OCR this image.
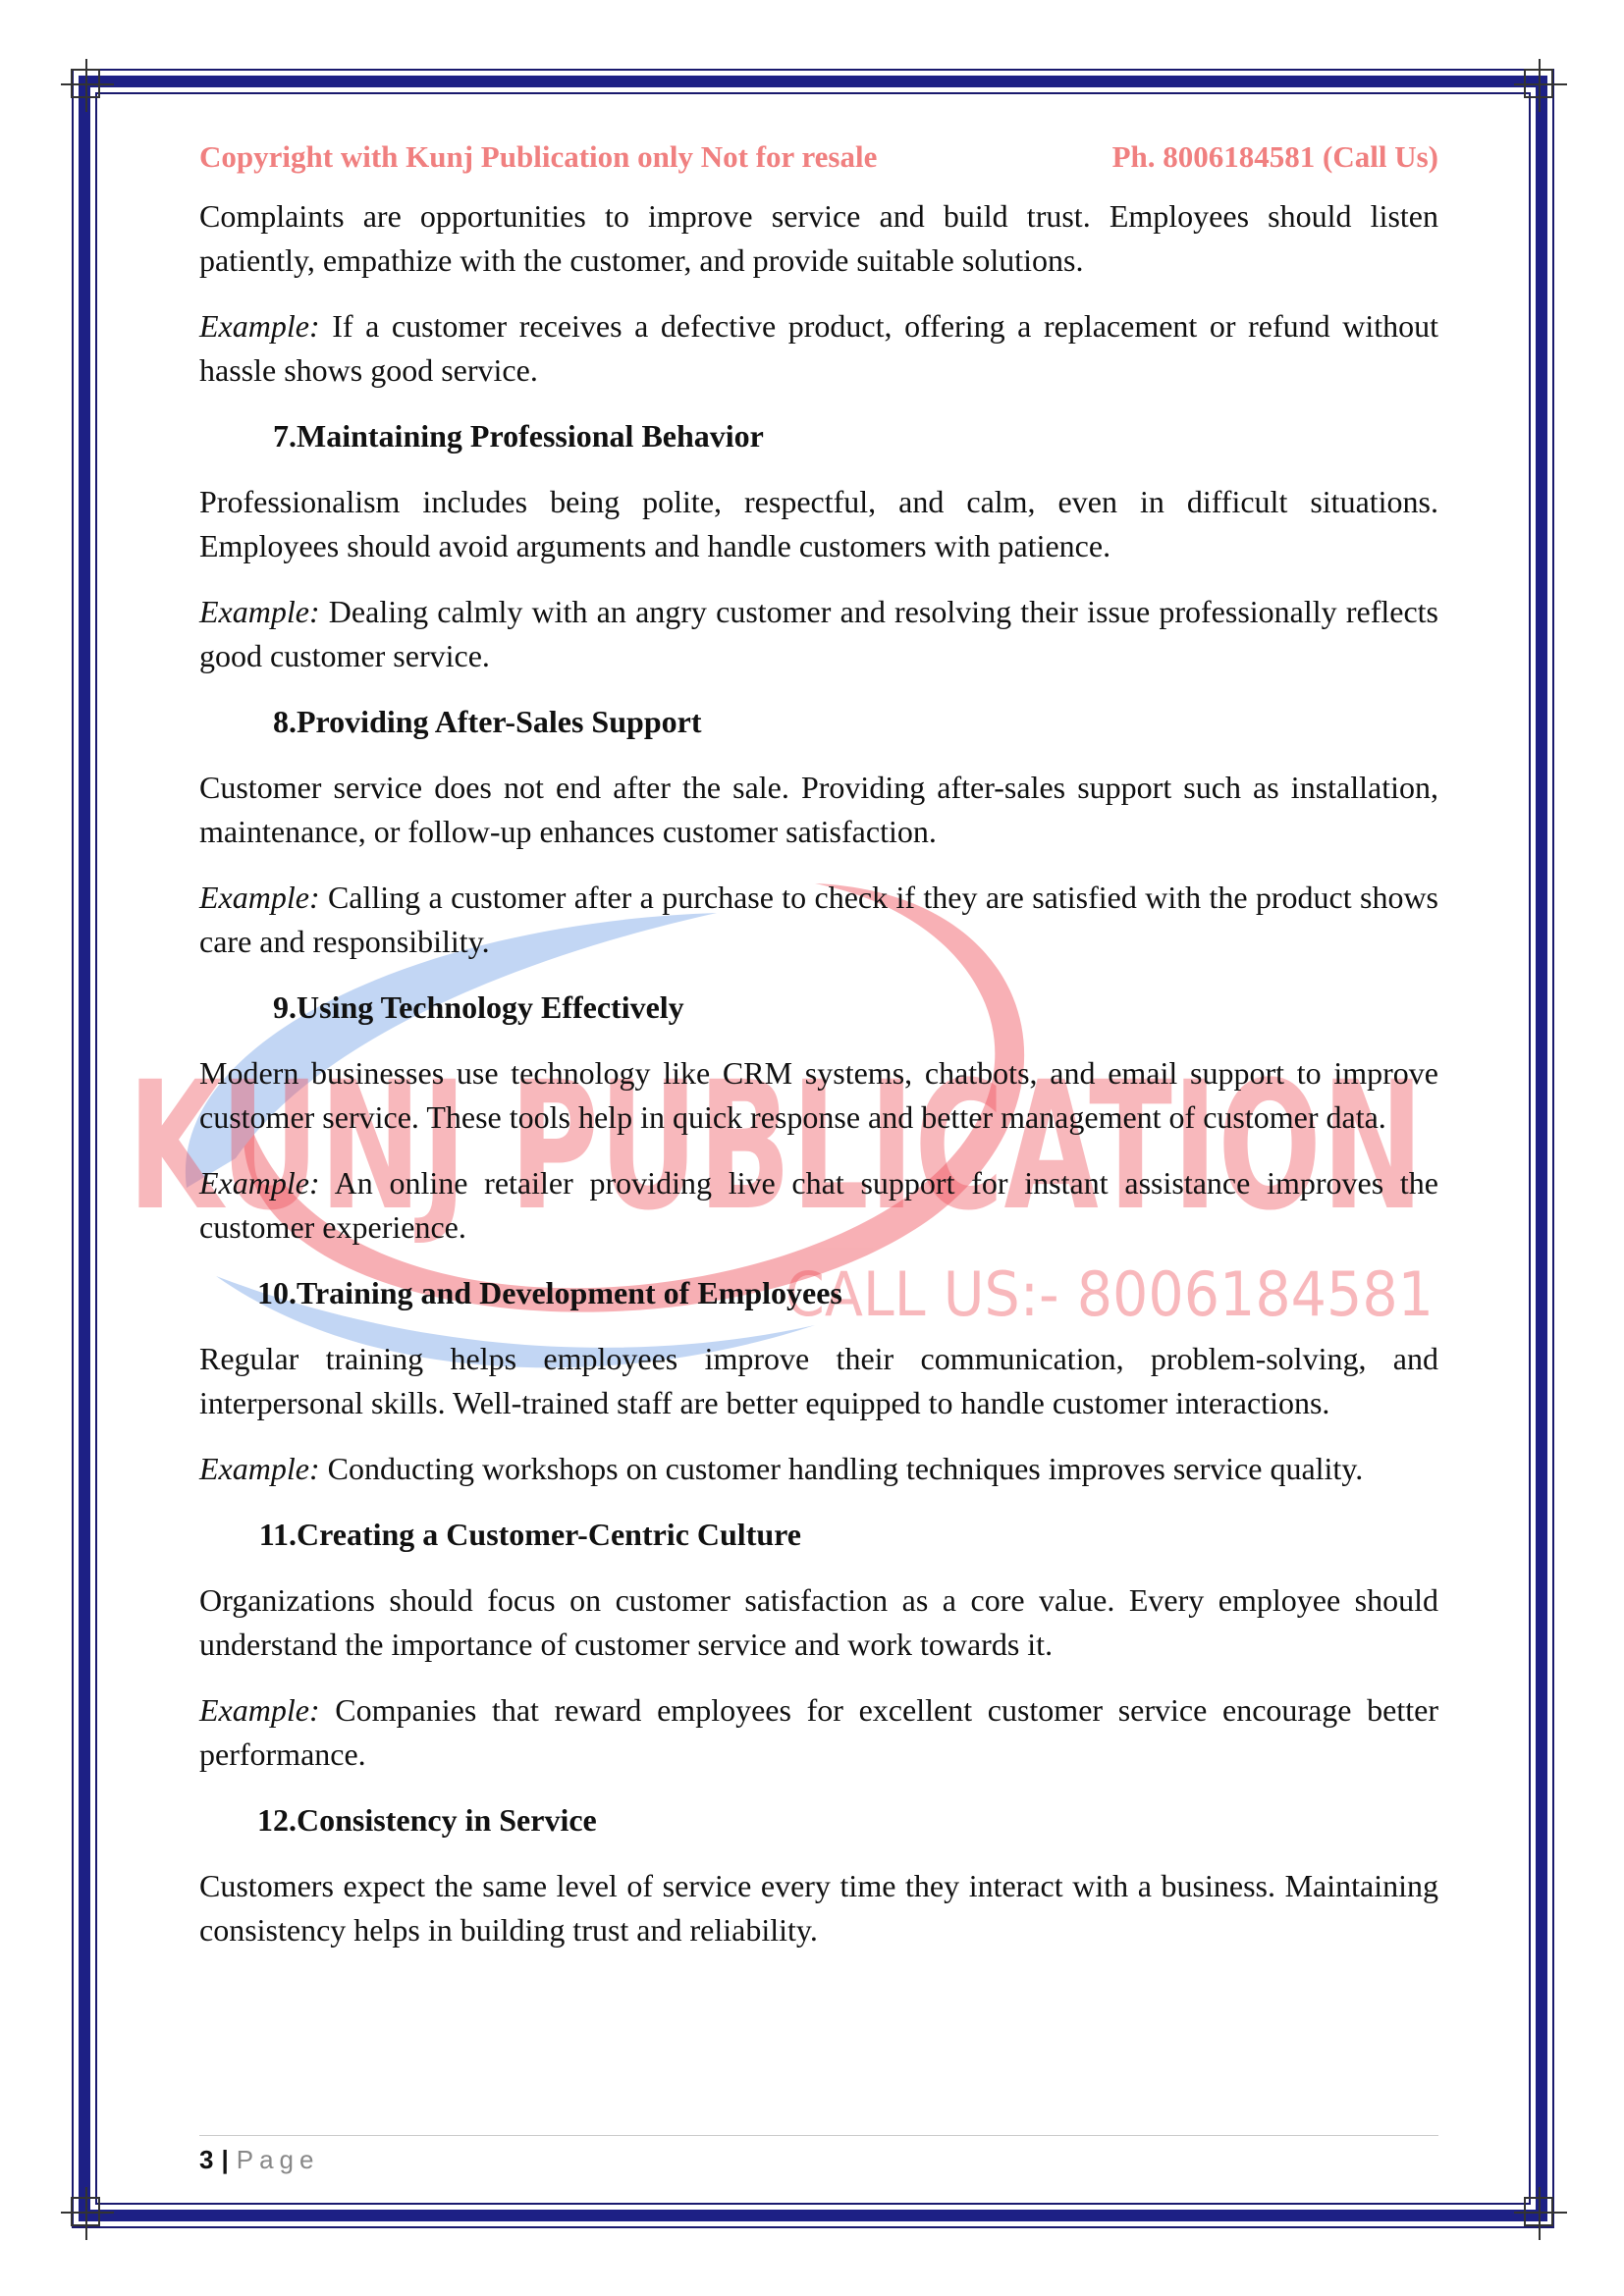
KUNJ PUBLICATION
CALL US:- 8006184581
Copyright with Kunj Publication only Not for resale	Ph. 8006184581 (Call Us)

Complaints are opportunities to improve service and build trust. Employees should listen patiently, empathize with the customer, and provide suitable solutions.

Example: If a customer receives a defective product, offering a replacement or refund without hassle shows good service.

7. Maintaining Professional Behavior

Professionalism includes being polite, respectful, and calm, even in difficult situations. Employees should avoid arguments and handle customers with patience.

Example: Dealing calmly with an angry customer and resolving their issue professionally reflects good customer service.

8. Providing After-Sales Support

Customer service does not end after the sale. Providing after-sales support such as installation, maintenance, or follow-up enhances customer satisfaction.

Example: Calling a customer after a purchase to check if they are satisfied with the product shows care and responsibility.

9. Using Technology Effectively

Modern businesses use technology like CRM systems, chatbots, and email support to improve customer service. These tools help in quick response and better management of customer data.

Example: An online retailer providing live chat support for instant assistance improves the customer experience.

10. Training and Development of Employees

Regular training helps employees improve their communication, problem-solving, and interpersonal skills. Well-trained staff are better equipped to handle customer interactions.

Example: Conducting workshops on customer handling techniques improves service quality.

11. Creating a Customer-Centric Culture

Organizations should focus on customer satisfaction as a core value. Every employee should understand the importance of customer service and work towards it.

Example: Companies that reward employees for excellent customer service encourage better performance.

12. Consistency in Service

Customers expect the same level of service every time they interact with a business. Maintaining consistency helps in building trust and reliability.

3 | Page
